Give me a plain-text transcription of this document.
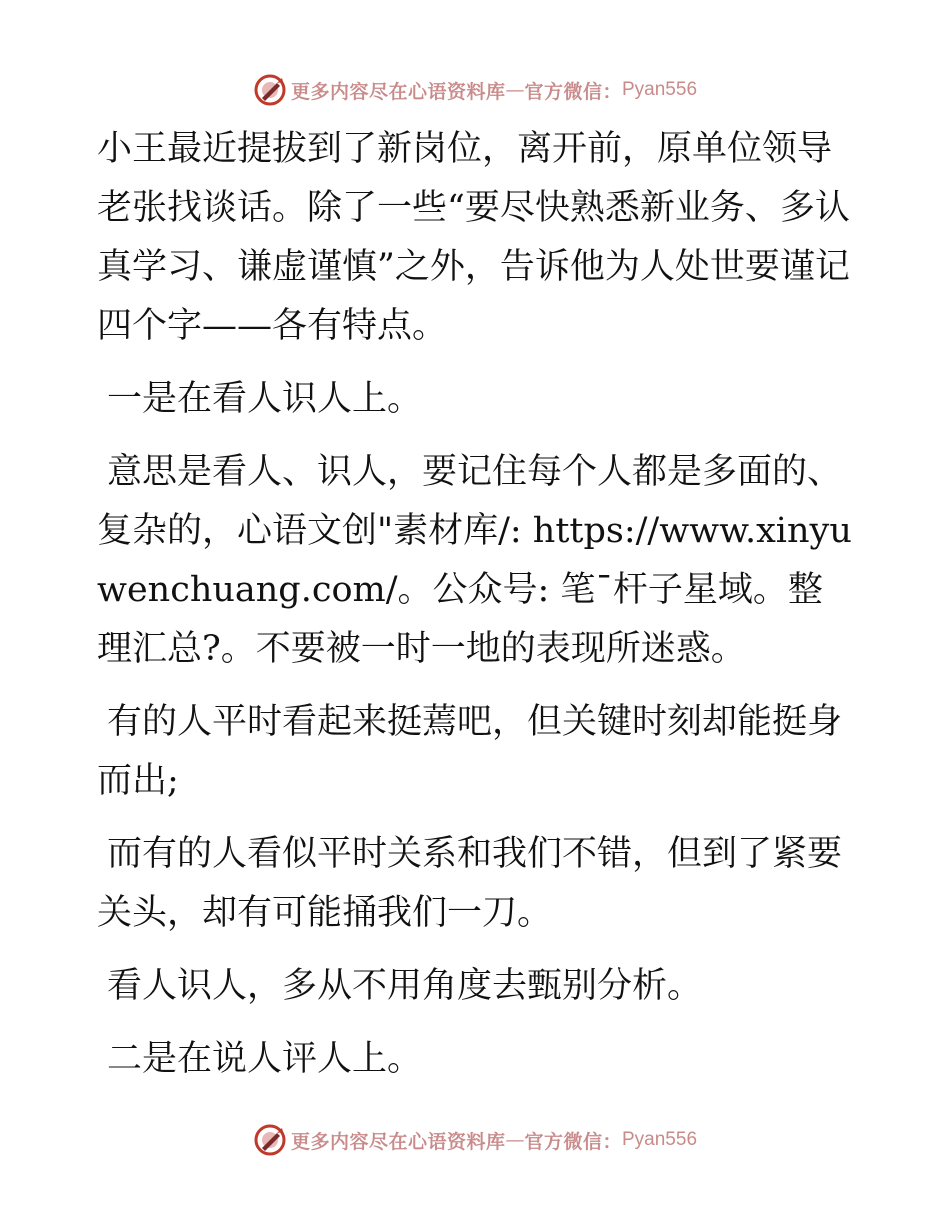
更多内容尽在心语资料库 — 官方微信： Pyan556

小王最近提拔到了新岗位，离开前，原单位领导老张找谈话。除了一些“要尽快熟悉新业务、多认真学习、谦虚谨慎”之外，告诉他为人处世要谨记四个字——各有特点。

一是在看人识人上。

意思是看人、识人，要记住每个人都是多面的、复杂的，心语文创"素材库/: https://www.xinyuwenchuang.com/。公众号: 笔¯杆子星域。整理汇总?。不要被一时一地的表现所迷惑。

有的人平时看起来挺蔫吧，但关键时刻却能挺身而出;

而有的人看似平时关系和我们不错，但到了紧要关头，却有可能捅我们一刀。

看人识人，多从不用角度去甄别分析。

二是在说人评人上。

更多内容尽在心语资料库 — 官方微信： Pyan556
